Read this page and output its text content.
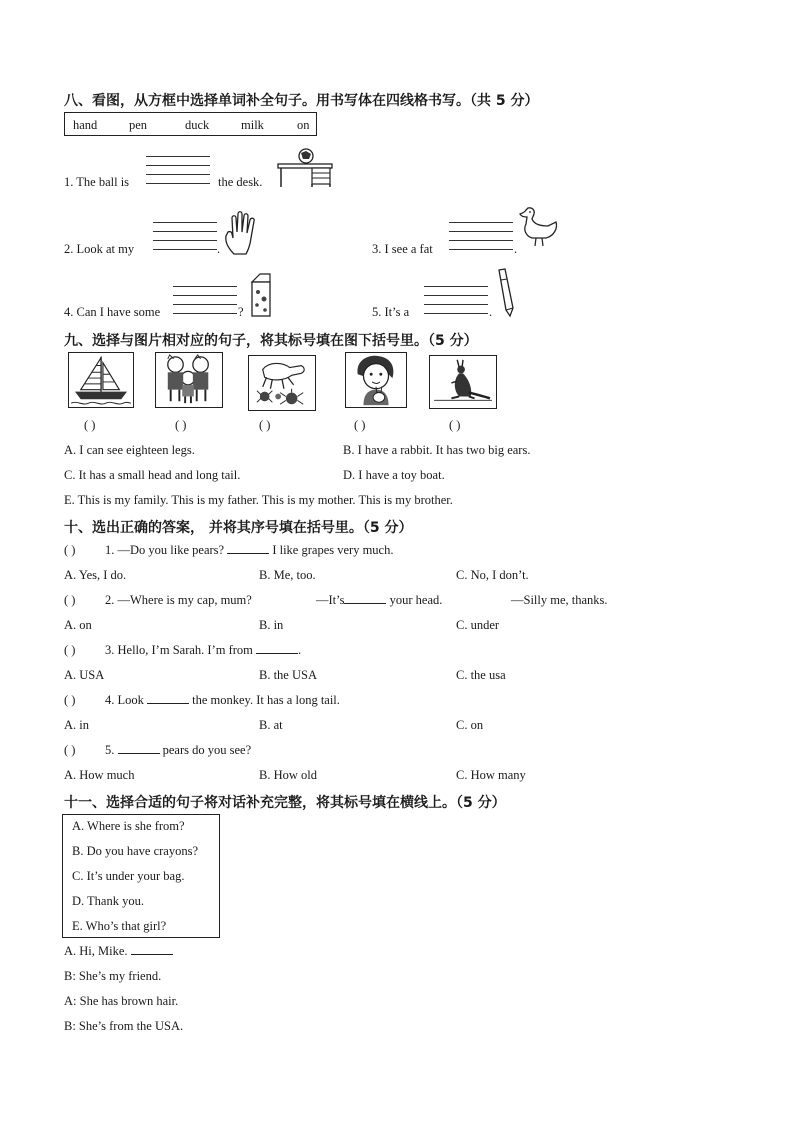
八、看图，从方框中选择单词补全句子。用书写体在四线格书写。（共 5 分）
hand	pen	duck	milk	on
1. The ball is	the desk.
2. Look at my	.	3. I see a fat	.
4. Can I have some	?	5. It’s a	.
九、选择与图片相对应的句子，将其标号填在图下括号里。（5 分）
( )	( )	( )	( )	( )
A. I can see eighteen legs.	B. I have a rabbit. It has two big ears.
C. It has a small head and long tail.	D. I have a toy boat.
E. This is my family. This is my father. This is my mother. This is my brother.
十、选出正确的答案， 并将其序号填在括号里。（5 分）
( ) 1. —Do you like pears?	I like grapes very much.
A. Yes, I do.	B. Me, too.	C. No, I don’t.
( ) 2. —Where is my cap, mum?	—It’s	your head.	—Silly me, thanks.
A. on	B. in	C. under
( ) 3. Hello, I’m Sarah. I’m from	.
A. USA	B. the USA	C. the usa
( ) 4. Look	the monkey. It has a long tail.
A. in	B. at	C. on
( ) 5.	pears do you see?
A. How much	B. How old	C. How many
十一、选择合适的句子将对话补充完整，将其标号填在横线上。（5 分）
A. Where is she from?
B. Do you have crayons?
C. It’s under your bag.
D. Thank you.
E. Who’s that girl?
A. Hi, Mike.
B: She’s my friend.
A: She has brown hair.
B: She’s from the USA.
